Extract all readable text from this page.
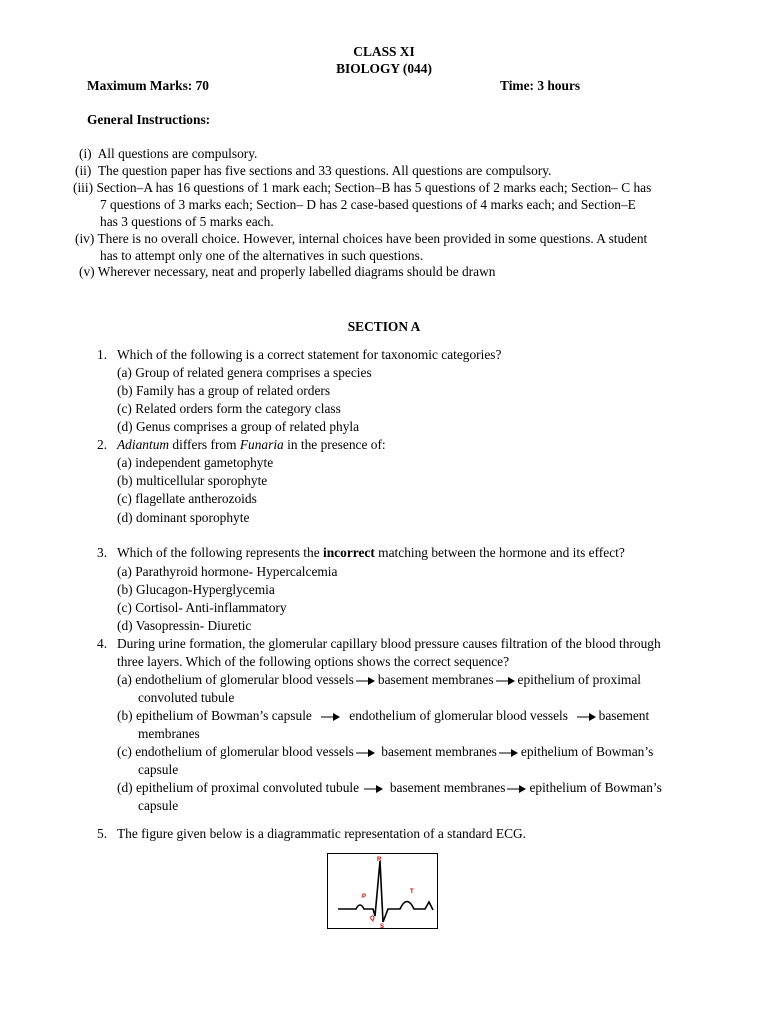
CLASS XI
BIOLOGY (044)
Maximum Marks: 70	Time: 3 hours
General Instructions:
(i) All questions are compulsory.
(ii) The question paper has five sections and 33 questions. All questions are compulsory.
(iii) Section–A has 16 questions of 1 mark each; Section–B has 5 questions of 2 marks each; Section– C has
7 questions of 3 marks each; Section– D has 2 case-based questions of 4 marks each; and Section–E
has 3 questions of 5 marks each.
(iv) There is no overall choice. However, internal choices have been provided in some questions. A student
has to attempt only one of the alternatives in such questions.
(v) Wherever necessary, neat and properly labelled diagrams should be drawn
SECTION A
1. Which of the following is a correct statement for taxonomic categories?
(a) Group of related genera comprises a species
(b) Family has a group of related orders
(c) Related orders form the category class
(d) Genus comprises a group of related phyla
2. Adiantum differs from Funaria in the presence of:
(a) independent gametophyte
(b) multicellular sporophyte
(c) flagellate antherozoids
(d) dominant sporophyte
3. Which of the following represents the incorrect matching between the hormone and its effect?
(a) Parathyroid hormone- Hypercalcemia
(b) Glucagon-Hyperglycemia
(c) Cortisol- Anti-inflammatory
(d) Vasopressin- Diuretic
4. During urine formation, the glomerular capillary blood pressure causes filtration of the blood through
three layers. Which of the following options shows the correct sequence?
(a) endothelium of glomerular blood vessels basement membranes epithelium of proximal
convoluted tubule
(b) epithelium of Bowman’s capsule	endothelium of glomerular blood vessels basement
membranes
(c) endothelium of glomerular blood vessels basement membranes epithelium of Bowman’s
capsule
(d) epithelium of proximal convoluted tubule basement membranes epithelium of Bowman’s
capsule
5. The figure given below is a diagrammatic representation of a standard ECG.
R
P
T
Q
S
